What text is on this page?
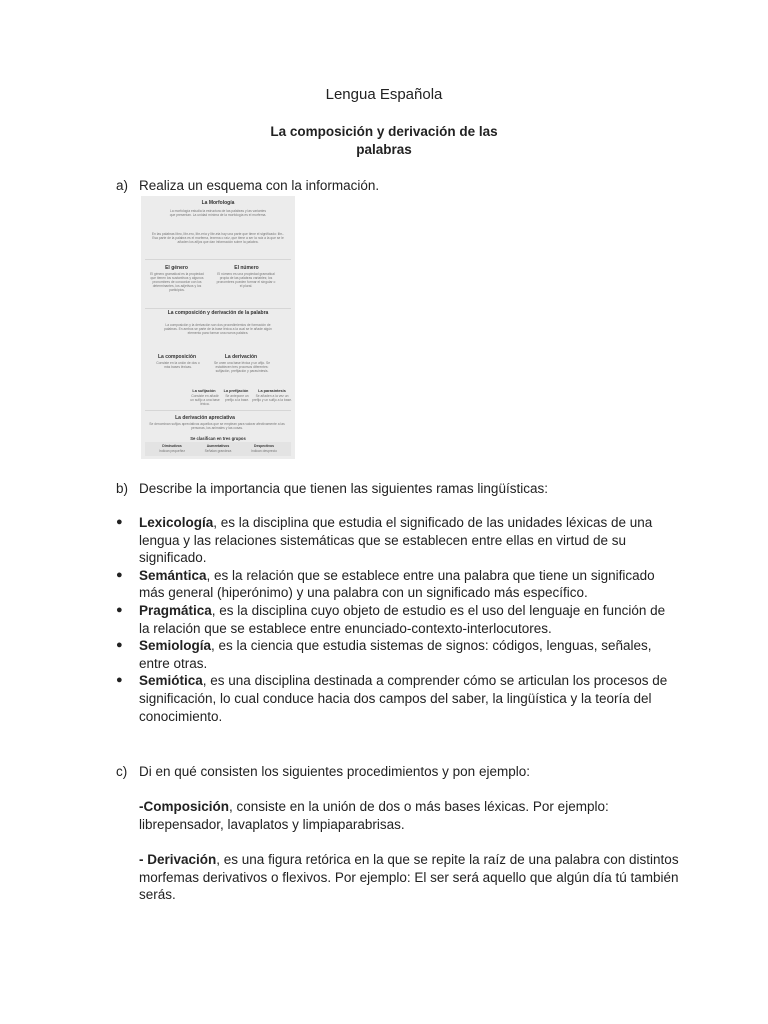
Lengua Española
La composición y derivación de las
palabras
a) Realiza un esquema con la información.
La Morfología
La morfología estudia la estructura de las palabras y las variantes que presentan. La unidad mínima de la morfología es el morfema.
En las palabras libro, libr-ero, libr-ería y libr-eta hay una parte que tiene el significado: libr-. Esa parte de la palabra es el morfema, lexema o raíz, que tiene a ser la raíz a la que se le añaden los afijos que dan información sobre la palabra.
El género
El género gramatical es la propiedad que tienen los sustantivos y algunos pronombres de concordar con los determinantes, los adjetivos y los participios.
El número
El número es una propiedad gramatical propia de las palabras variables; los pronombres pueden formar el singular o el plural.
La composición y derivación de la palabra
La composición y la derivación son dos procedimientos de formación de palabras. En ambos se parte de la base léxica a la cual se le añade algún elemento para formar una nueva palabra.
La composición
Consiste en la unión de dos o más bases léxicas.
La derivación
Se unen una base léxica y un afijo. Se establecen tres procesos diferentes: sufijación, prefijación y parasíntesis.
La sufijación
Consiste en añadir un sufijo a una base léxica.
La prefijación
Se antepone un prefijo a la base.
La parasíntesis
Se añaden a la vez un prefijo y un sufijo a la base.
La derivación apreciativa
Se denominan sufijos apreciativos aquellos que se emplean para valorar afectivamente a las personas, los animales y las cosas.
Se clasifican en tres grupos
Diminutivos
Indican pequeñez
Aumentativos
Señalan grandeza
Despectivos
Indican desprecio
b) Describe la importancia que tienen las siguientes ramas lingüísticas:
●	Lexicología, es la disciplina que estudia el significado de las unidades léxicas de una lengua y las relaciones sistemáticas que se establecen entre ellas en virtud de su significado.
●	Semántica, es la relación que se establece entre una palabra que tiene un significado más general (hiperónimo) y una palabra con un significado más específico.
●	Pragmática, es la disciplina cuyo objeto de estudio es el uso del lenguaje en función de la relación que se establece entre enunciado-contexto-interlocutores.
●	Semiología, es la ciencia que estudia sistemas de signos: códigos, lenguas, señales, entre otras.
●	Semiótica, es una disciplina destinada a comprender cómo se articulan los procesos de significación, lo cual conduce hacia dos campos del saber, la lingüística y la teoría del conocimiento.
c) Di en qué consisten los siguientes procedimientos y pon ejemplo:
-Composición, consiste en la unión de dos o más bases léxicas. Por ejemplo: librepensador, lavaplatos y limpiaparabrisas.
- Derivación, es una figura retórica en la que se repite la raíz de una palabra con distintos morfemas derivativos o flexivos. Por ejemplo: El ser será aquello que algún día tú también serás.
